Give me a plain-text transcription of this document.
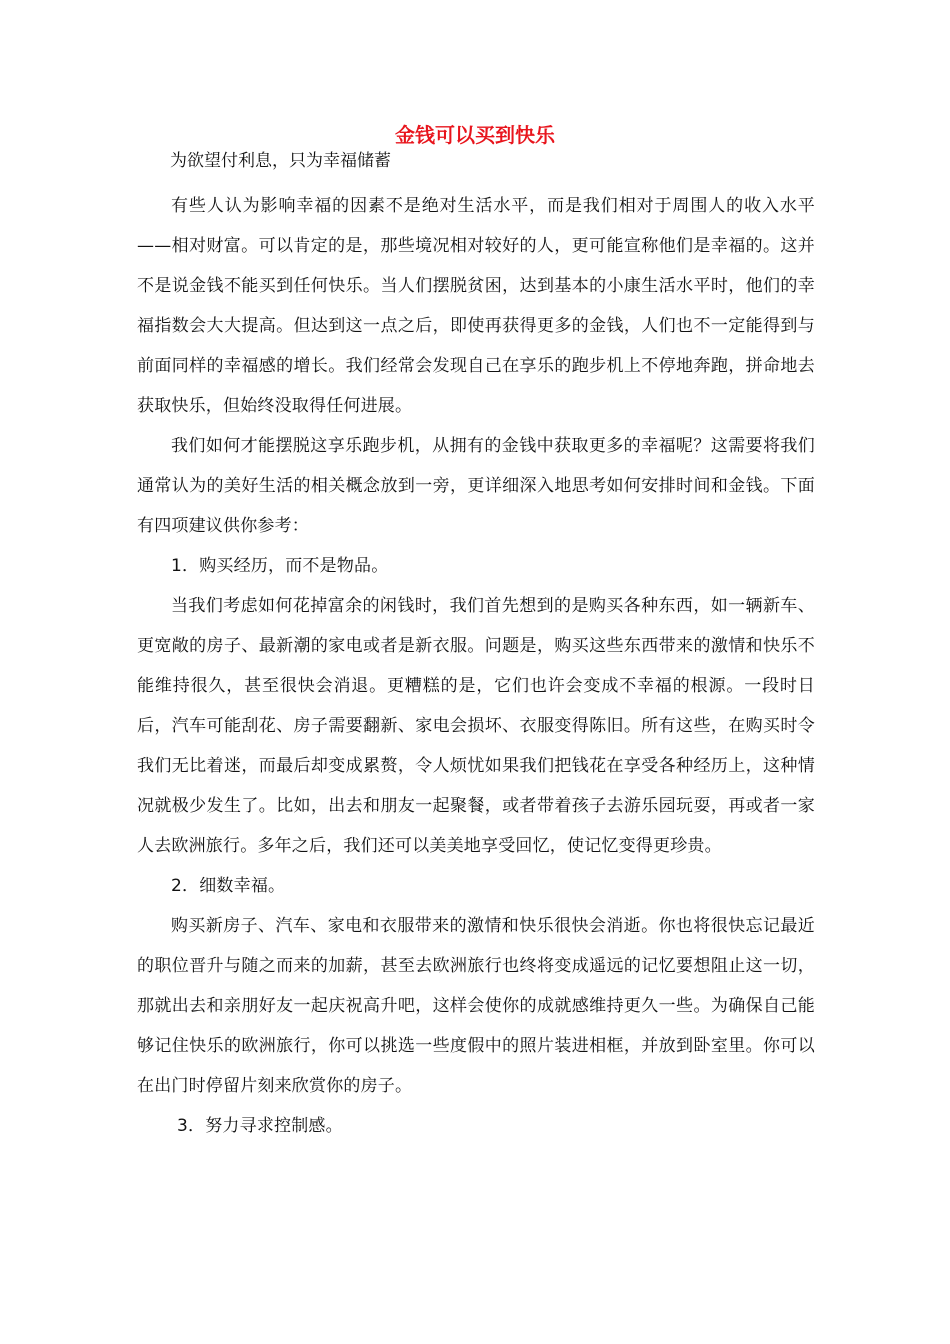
金钱可以买到快乐
为欲望付利息，只为幸福储蓄

有些人认为影响幸福的因素不是绝对生活水平，而是我们相对于周围人的收入水平——相对财富。可以肯定的是，那些境况相对较好的人，更可能宣称他们是幸福的。这并不是说金钱不能买到任何快乐。当人们摆脱贫困，达到基本的小康生活水平时，他们的幸福指数会大大提高。但达到这一点之后，即使再获得更多的金钱，人们也不一定能得到与前面同样的幸福感的增长。我们经常会发现自己在享乐的跑步机上不停地奔跑，拼命地去获取快乐，但始终没取得任何进展。

我们如何才能摆脱这享乐跑步机，从拥有的金钱中获取更多的幸福呢？这需要将我们通常认为的美好生活的相关概念放到一旁，更详细深入地思考如何安排时间和金钱。下面有四项建议供你参考：

1．购买经历，而不是物品。

当我们考虑如何花掉富余的闲钱时，我们首先想到的是购买各种东西，如一辆新车、更宽敞的房子、最新潮的家电或者是新衣服。问题是，购买这些东西带来的激情和快乐不能维持很久，甚至很快会消退。更糟糕的是，它们也许会变成不幸福的根源。一段时日后，汽车可能刮花、房子需要翻新、家电会损坏、衣服变得陈旧。所有这些，在购买时令我们无比着迷，而最后却变成累赘，令人烦忧如果我们把钱花在享受各种经历上，这种情况就极少发生了。比如，出去和朋友一起聚餐，或者带着孩子去游乐园玩耍，再或者一家人去欧洲旅行。多年之后，我们还可以美美地享受回忆，使记忆变得更珍贵。

2．细数幸福。

购买新房子、汽车、家电和衣服带来的激情和快乐很快会消逝。你也将很快忘记最近的职位晋升与随之而来的加薪，甚至去欧洲旅行也终将变成遥远的记忆要想阻止这一切，那就出去和亲朋好友一起庆祝高升吧，这样会使你的成就感维持更久一些。为确保自己能够记住快乐的欧洲旅行，你可以挑选一些度假中的照片装进相框，并放到卧室里。你可以在出门时停留片刻来欣赏你的房子。

3．努力寻求控制感。
